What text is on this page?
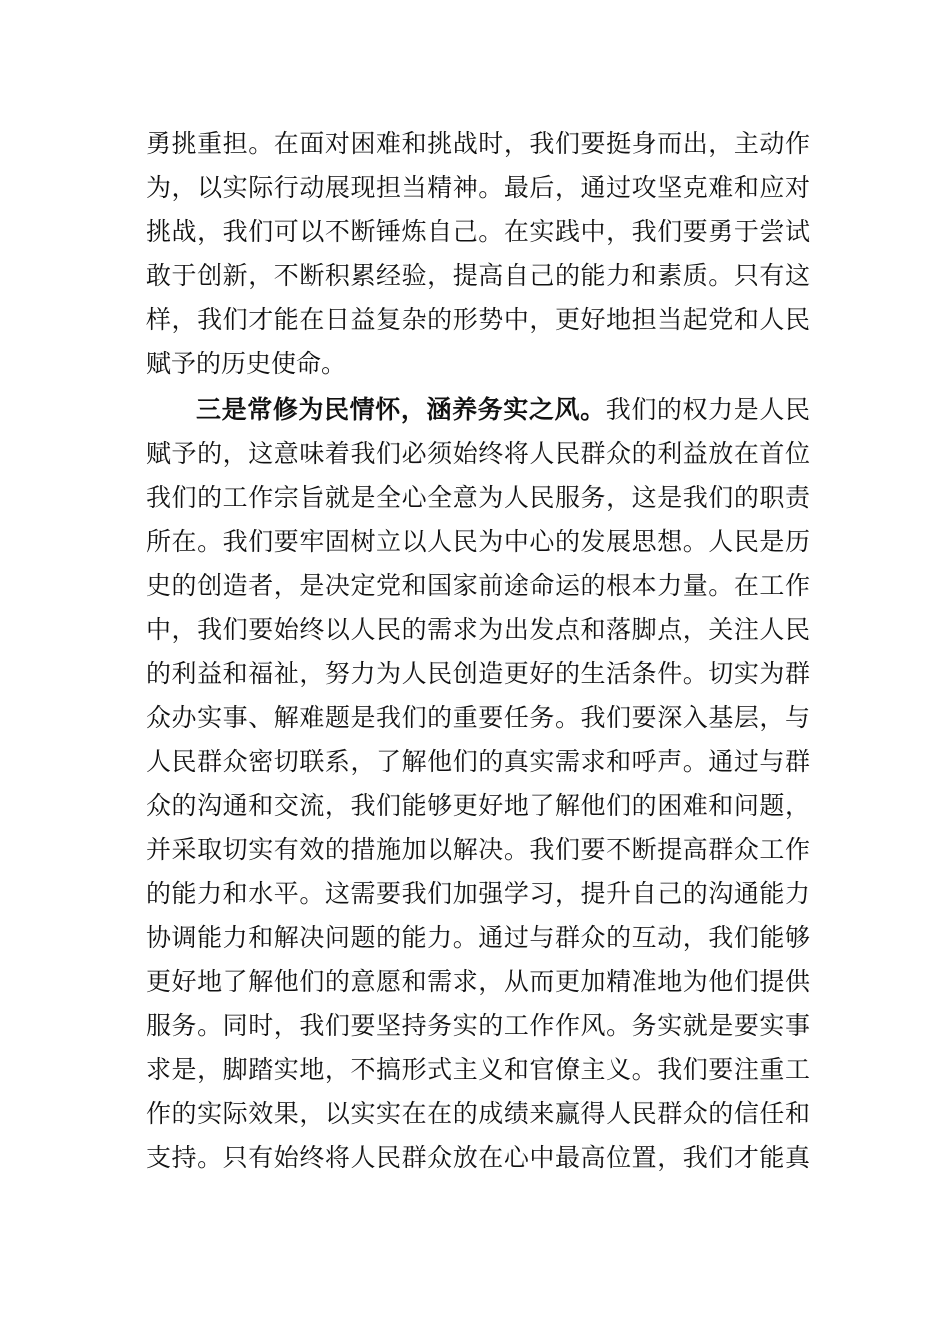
勇挑重担。在面对困难和挑战时，我们要挺身而出，主动作
为，以实际行动展现担当精神。最后，通过攻坚克难和应对
挑战，我们可以不断锤炼自己。在实践中，我们要勇于尝试
敢于创新，不断积累经验，提高自己的能力和素质。只有这
样，我们才能在日益复杂的形势中，更好地担当起党和人民
赋予的历史使命。
三是常修为民情怀，涵养务实之风。我们的权力是人民
赋予的，这意味着我们必须始终将人民群众的利益放在首位
我们的工作宗旨就是全心全意为人民服务，这是我们的职责
所在。我们要牢固树立以人民为中心的发展思想。人民是历
史的创造者，是决定党和国家前途命运的根本力量。在工作
中，我们要始终以人民的需求为出发点和落脚点，关注人民
的利益和福祉，努力为人民创造更好的生活条件。切实为群
众办实事、解难题是我们的重要任务。我们要深入基层，与
人民群众密切联系，了解他们的真实需求和呼声。通过与群
众的沟通和交流，我们能够更好地了解他们的困难和问题，
并采取切实有效的措施加以解决。我们要不断提高群众工作
的能力和水平。这需要我们加强学习，提升自己的沟通能力
协调能力和解决问题的能力。通过与群众的互动，我们能够
更好地了解他们的意愿和需求，从而更加精准地为他们提供
服务。同时，我们要坚持务实的工作作风。务实就是要实事
求是，脚踏实地，不搞形式主义和官僚主义。我们要注重工
作的实际效果，以实实在在的成绩来赢得人民群众的信任和
支持。只有始终将人民群众放在心中最高位置，我们才能真
